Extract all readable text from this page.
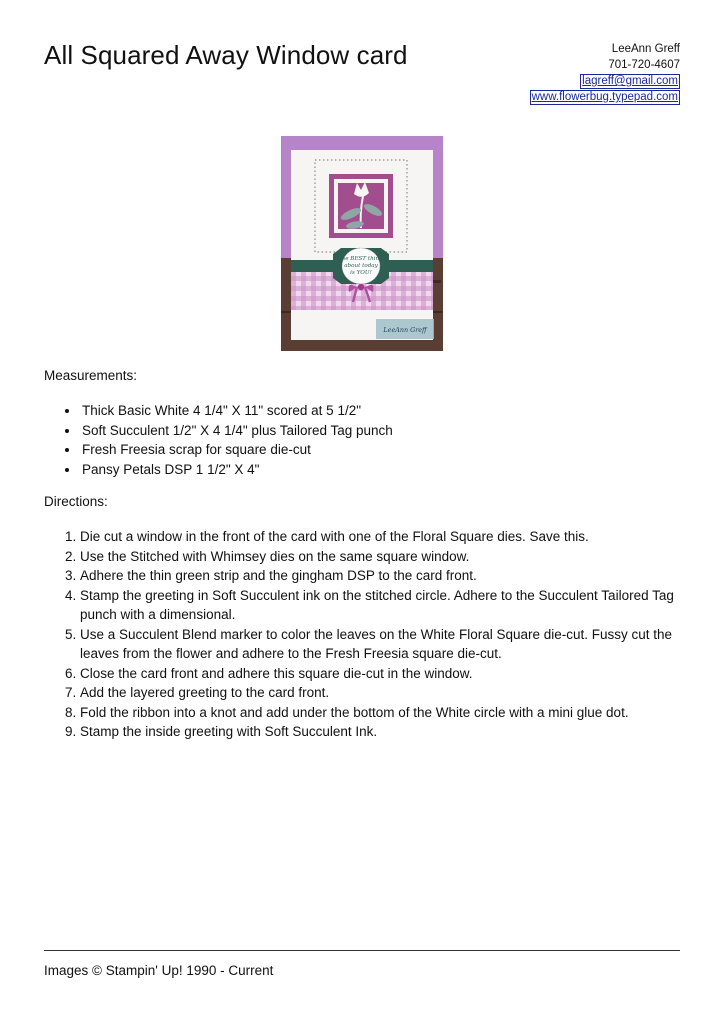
All Squared Away Window card	LeeAnn Greff
701-720-4607
lagreff@gmail.com
www.flowerbug.typepad.com
the BEST thing
about today
is YOU!
LeeAnn Greff
Measurements:
• Thick Basic White 4 1/4" X 11" scored at 5 1/2"
• Soft Succulent 1/2" X 4 1/4" plus Tailored Tag punch
• Fresh Freesia scrap for square die-cut
• Pansy Petals DSP 1 1/2" X 4"
Directions:
1. Die cut a window in the front of the card with one of the Floral Square dies. Save this.
2. Use the Stitched with Whimsey dies on the same square window.
3. Adhere the thin green strip and the gingham DSP to the card front.
4. Stamp the greeting in Soft Succulent ink on the stitched circle. Adhere to the Succulent Tailored Tag punch with a dimensional.
5. Use a Succulent Blend marker to color the leaves on the White Floral Square die-cut. Fussy cut the leaves from the flower and adhere to the Fresh Freesia square die-cut.
6. Close the card front and adhere this square die-cut in the window.
7. Add the layered greeting to the card front.
8. Fold the ribbon into a knot and add under the bottom of the White circle with a mini glue dot.
9. Stamp the inside greeting with Soft Succulent Ink.
Images © Stampin' Up! 1990 - Current
